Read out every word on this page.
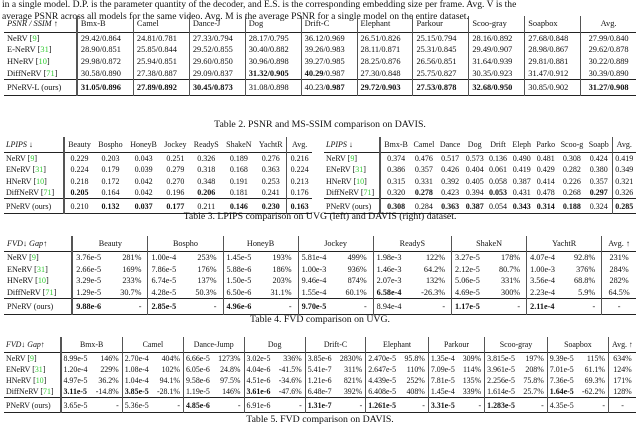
in a single model. D.P. is the parameter quantity of the decoder, and E.S. is the corresponding embedding size per frame. Avg. V is the
average PSNR across all models for the same video. Avg. M is the average PSNR for a single model on the entire dataset.
PSNR / SSIM ↑	Bmx-B	Camel	Dance-J	Dog	Drift-C	Elephant	Parkour	Scoo-gray	Soapbox	Avg.
NeRV [9]	29.42/0.864	24.81/0.781	27.33/0.794	28.17/0.795	36.12/0.969	26.51/0.826	25.15/0.794	28.16/0.892	27.68/0.848	27.99/0.840
E-NeRV [31]	28.90/0.851	25.85/0.844	29.52/0.855	30.40/0.882	39.26/0.983	28.11/0.871	25.31/0.845	29.49/0.907	28.98/0.867	29.62/0.878
HNeRV [10]	29.98/0.872	25.94/0.851	29.60/0.850	30.96/0.898	39.27/0.985	28.25/0.876	26.56/0.851	31.64/0.939	29.81/0.881	30.22/0.889
DiffNeRV [71]	30.58/0.890	27.38/0.887	29.09/0.837	31.32/0.905	40.29/0.987	27.30/0.848	25.75/0.827	30.35/0.923	31.47/0.912	30.39/0.890
PNeRV-L (ours)	31.05/0.896	27.89/0.892	30.45/0.873	31.08/0.898	40.23/0.987	29.72/0.903	27.53/0.878	32.68/0.950	30.85/0.902	31.27/0.908
Table 2. PSNR and MS-SSIM comparison on DAVIS.
LPIPS ↓	Beauty	Bospho	HoneyB	Jockey	ReadyS	ShakeN	YachtR	Avg.
NeRV [9]	0.229	0.203	0.043	0.251	0.326	0.189	0.276	0.216
ENeRV [31]	0.224	0.179	0.039	0.279	0.318	0.168	0.363	0.224
HNeRV [10]	0.218	0.172	0.042	0.270	0.348	0.191	0.253	0.213
DiffNeRV [71]	0.205	0.164	0.042	0.196	0.206	0.181	0.241	0.176
PNeRV (ours)	0.210	0.132	0.037	0.177	0.211	0.146	0.230	0.163
LPIPS ↓	Bmx-B	Camel	Dance	Dog	Drift	Eleph	Parko	Scoo-g	Soapb	Avg.
NeRV [9]	0.374	0.476	0.517	0.573	0.136	0.490	0.481	0.308	0.424	0.419
ENeRV [31]	0.386	0.357	0.426	0.404	0.061	0.419	0.429	0.282	0.380	0.349
HNeRV [10]	0.315	0.331	0.392	0.405	0.058	0.387	0.414	0.226	0.357	0.321
DiffNeRV [71]	0.320	0.278	0.423	0.394	0.053	0.431	0.478	0.268	0.297	0.326
PNeRV (ours)	0.308	0.284	0.363	0.387	0.054	0.343	0.314	0.188	0.324	0.285
Table 3. LPIPS comparison on UVG (left) and DAVIS (right) dataset.
FVD↓ Gap↑	Beauty		Bospho		HoneyB		Jockey		ReadyS		ShakeN		YachtR		Avg. ↑
NeRV [9]	3.76e-5	281%	1.00e-4	253%	1.45e-5	193%	5.81e-4	499%	1.98e-3	122%	3.27e-5	178%	4.07e-4	92.8%	231%
ENeRV [31]	2.66e-5	169%	7.86e-5	176%	5.88e-6	186%	1.00e-3	936%	1.46e-3	64.2%	2.12e-5	80.7%	1.00e-3	376%	284%
HNeRV [10]	3.29e-5	233%	6.74e-5	137%	1.50e-5	203%	9.46e-4	874%	2.07e-3	132%	5.06e-5	331%	3.56e-4	68.8%	282%
DiffNeRV [71]	1.29e-5	30.7%	4.28e-5	50.3%	6.50e-6	31.1%	1.55e-4	60.1%	6.58e-4	-26.3%	4.69e-5	300%	2.23e-4	5.9%	64.5%
PNeRV (ours)	9.88e-6	-	2.85e-5	-	4.96e-6	-	9.70e-5	-	8.94e-4	-	1.17e-5	-	2.11e-4	-	-
Table 4. FVD comparison on UVG.
FVD↓ Gap↑	Bmx-B		Camel		Dance-Jump		Dog		Drift-C		Elephant		Parkour		Scoo-gray		Soapbox		Avg. ↑
NeRV [9]	8.99e-5	146%	2.70e-4	404%	6.66e-5	1273%	3.02e-5	336%	3.85e-6	2830%	2.470e-5	95.8%	1.35e-4	309%	3.815e-5	197%	9.39e-5	115%	634%
ENeRV [31]	1.20e-4	229%	1.08e-4	102%	6.05e-6	24.8%	4.04e-6	-41.5%	5.41e-7	311%	2.647e-5	110%	7.09e-5	114%	3.961e-5	208%	7.01e-5	61.1%	124%
HNeRV [10]	4.97e-5	36.2%	1.04e-4	94.1%	9.58e-6	97.5%	4.51e-6	-34.6%	1.21e-6	821%	4.439e-5	252%	7.81e-5	135%	2.256e-5	75.8%	7.36e-5	69.3%	171%
DiffNeRV [71]	3.11e-5	-14.8%	3.85e-5	-28.1%	1.19e-5	146%	3.61e-6	-47.6%	6.48e-7	392%	6.408e-5	408%	1.45e-4	339%	1.614e-5	25.7%	1.64e-5	-62.2%	128%
PNeRV (ours)	3.65e-5	-	5.36e-5	-	4.85e-6	-	6.91e-6	-	1.31e-7	-	1.261e-5	-	3.31e-5	-	1.283e-5	-	4.35e-5	-	-
Table 5. FVD comparison on DAVIS.
